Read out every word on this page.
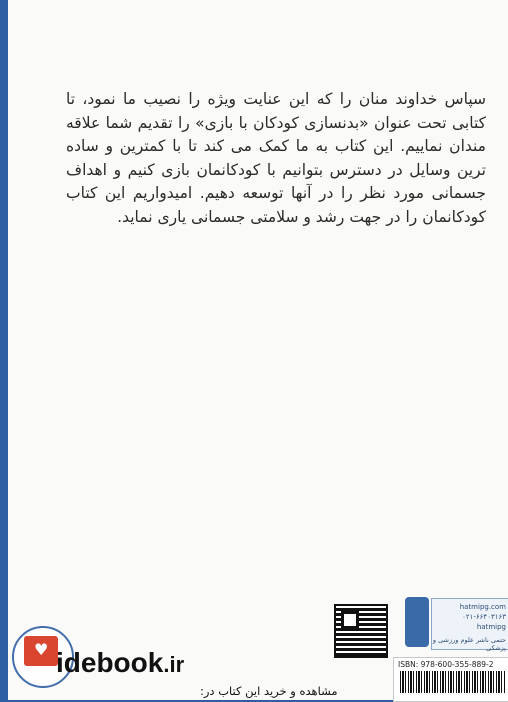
سپاس خداوند منان را که این عنایت ویژه را نصیب ما نمود، تا کتابی تحت عنوان «بدنسازی کودکان با بازی» را تقدیم شما علاقه مندان نماییم. این کتاب به ما کمک می کند تا با کمترین و ساده ترین وسایل در دسترس بتوانیم با کودکانمان بازی کنیم و اهداف جسمانی مورد نظر را در آنها توسعه دهیم. امیدواریم این کتاب کودکانمان را در جهت رشد و سلامتی جسمانی یاری نماید.

hatmipg.com
۰۲۱-۶۶۴۰۳۱۶۳
hatmipg
حتمی ناشر علوم ورزشی و پزشکی
ISBN: 978-600-355-889-2
♥ idebook.ir
مشاهده و خرید این کتاب در:
